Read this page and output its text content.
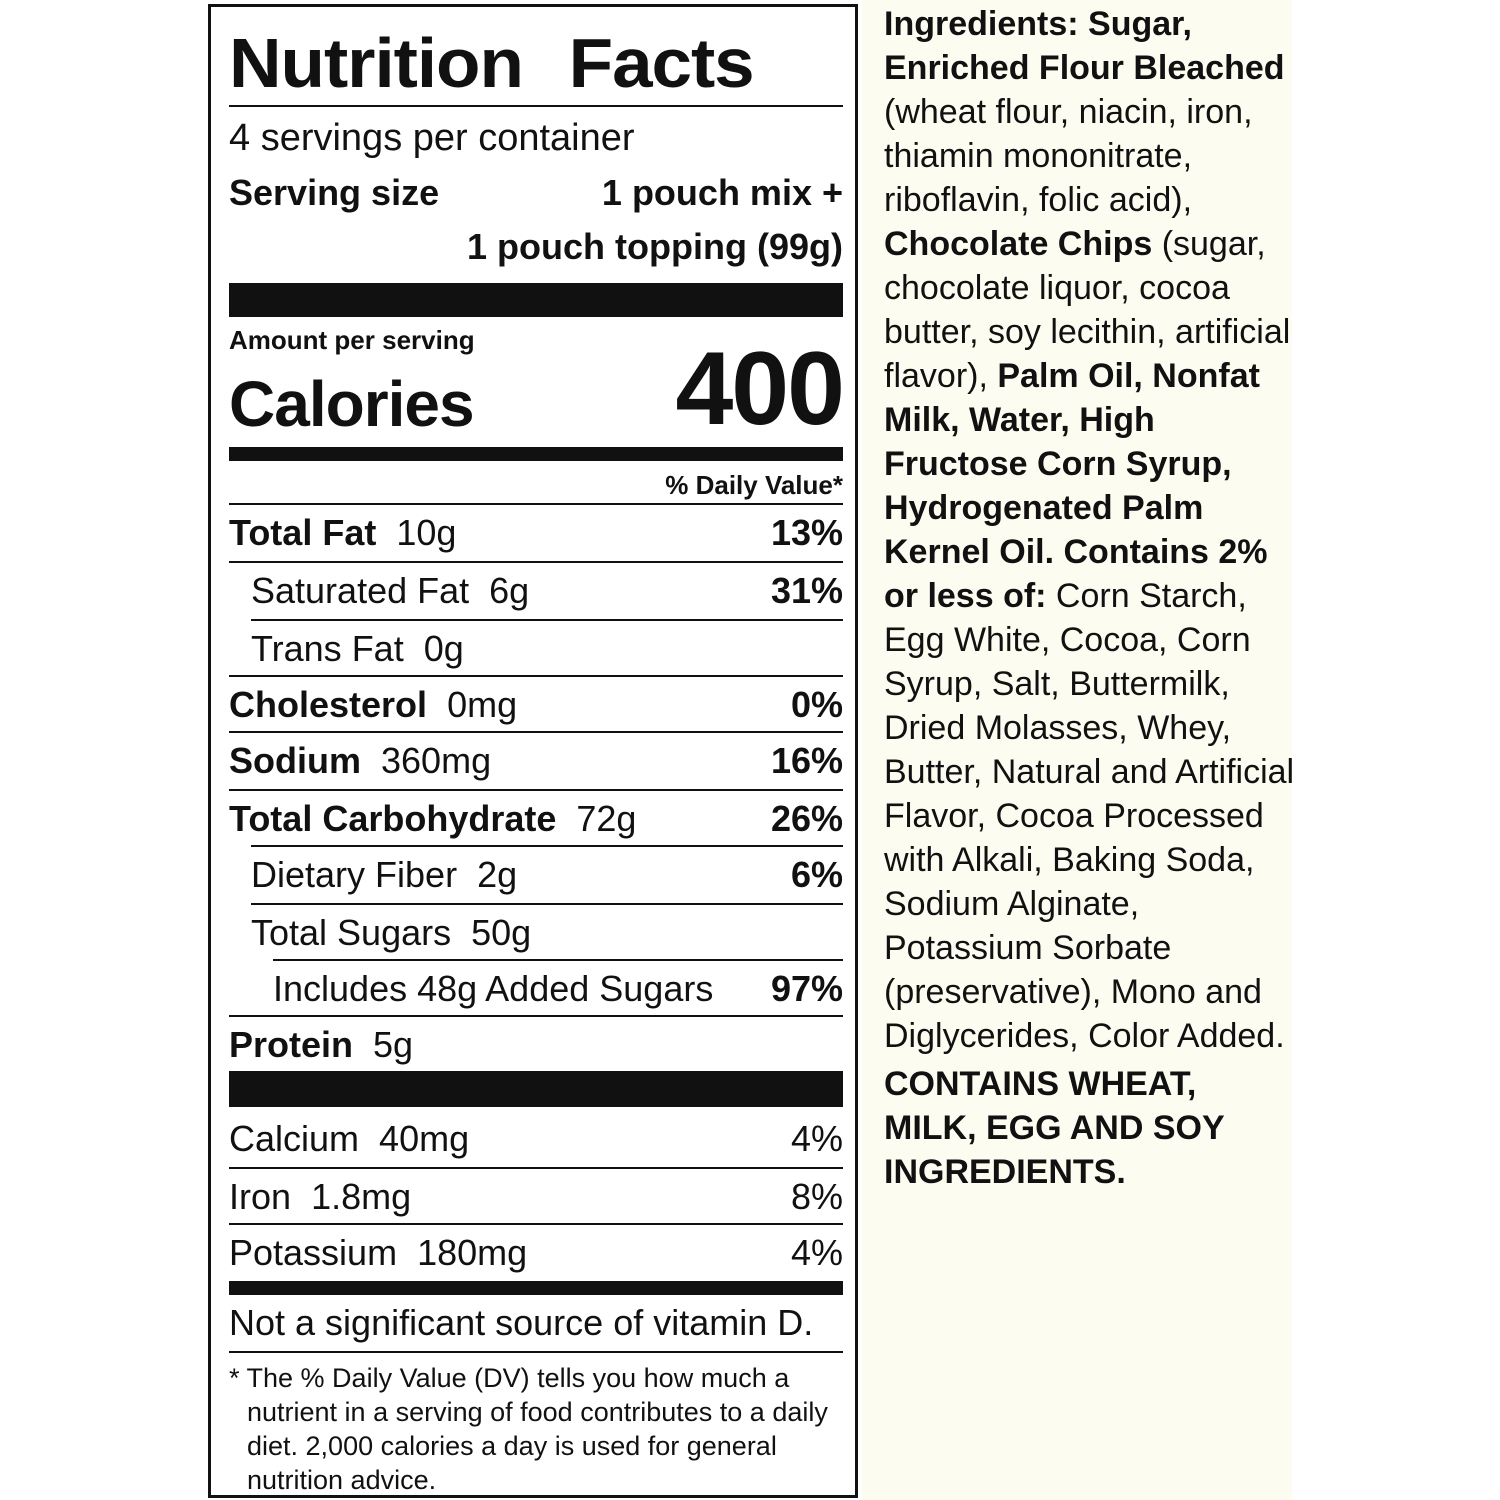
Nutrition Facts
4 servings per container
Serving size	1 pouch mix +
1 pouch topping (99g)
Amount per serving
Calories 400
% Daily Value*
Total Fat 10g	13%
Saturated Fat 6g	31%
Trans Fat 0g
Cholesterol 0mg	0%
Sodium 360mg	16%
Total Carbohydrate 72g	26%
Dietary Fiber 2g	6%
Total Sugars 50g
Includes 48g Added Sugars 97%
Protein 5g
Calcium 40mg	4%
Iron 1.8mg	8%
Potassium 180mg	4%
Not a significant source of vitamin D.
* The % Daily Value (DV) tells you how much a nutrient in a serving of food contributes to a daily diet. 2,000 calories a day is used for general nutrition advice.
Ingredients: Sugar, Enriched Flour Bleached (wheat flour, niacin, iron, thiamin mononitrate, riboflavin, folic acid), Chocolate Chips (sugar, chocolate liquor, cocoa butter, soy lecithin, artificial flavor), Palm Oil, Nonfat Milk, Water, High Fructose Corn Syrup, Hydrogenated Palm Kernel Oil. Contains 2% or less of: Corn Starch, Egg White, Cocoa, Corn Syrup, Salt, Buttermilk, Dried Molasses, Whey, Butter, Natural and Artificial Flavor, Cocoa Processed with Alkali, Baking Soda, Sodium Alginate, Potassium Sorbate (preservative), Mono and Diglycerides, Color Added.
CONTAINS WHEAT, MILK, EGG AND SOY INGREDIENTS.
